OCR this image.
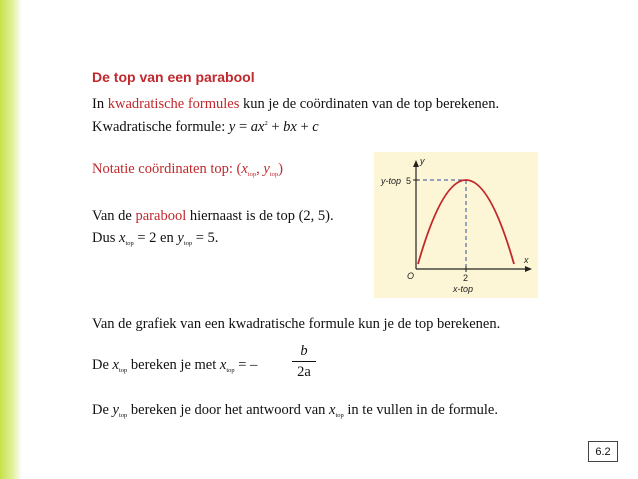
De top van een parabool
In kwadratische formules kun je de coördinaten van de top berekenen.
Kwadratische formule: $y = ax^2$ + bx + c
Notatie coördinaten top: ($x_{top}$, $y_{top}$)
Van de parabool hiernaast is de top (2, 5).
Dus $x_{top} = 2$ en $y_{top} = 5$.
y
x
O
y-top 5
2
x-top
Van de grafiek van een kwadratische formule kun je de top berekenen.
De $x_{top}$ bereken je met $x_{top}$ = –
b
2a
De $y_{top}$ bereken je door het antwoord van $x_{top}$ in te vullen in de formule.
6.2
